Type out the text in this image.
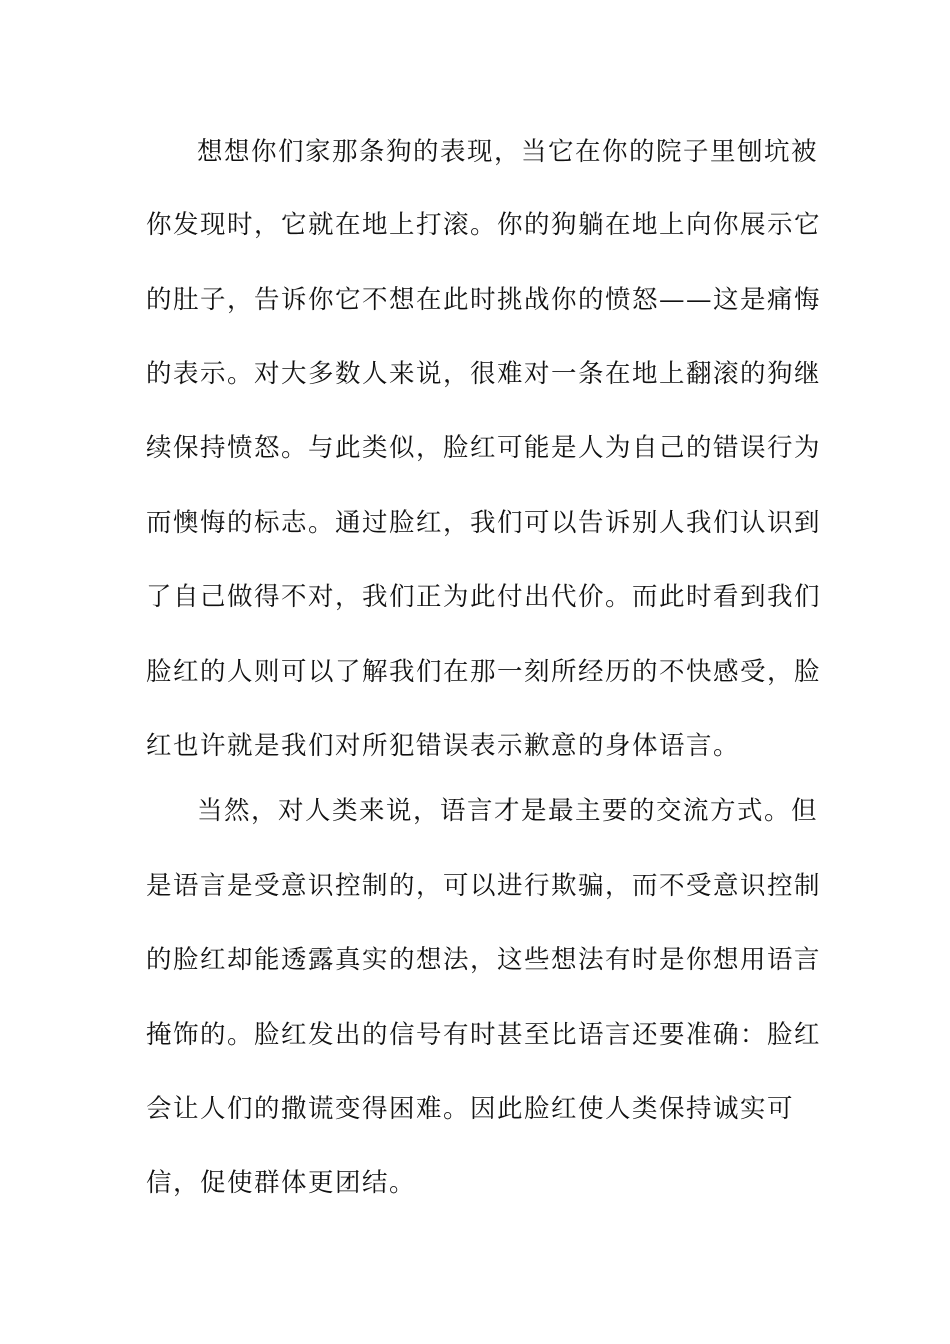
想想你们家那条狗的表现，当它在你的院子里刨坑被
你发现时，它就在地上打滚。你的狗躺在地上向你展示它
的肚子，告诉你它不想在此时挑战你的愤怒——这是痛悔
的表示。对大多数人来说，很难对一条在地上翻滚的狗继
续保持愤怒。与此类似，脸红可能是人为自己的错误行为
而懊悔的标志。通过脸红，我们可以告诉别人我们认识到
了自己做得不对，我们正为此付出代价。而此时看到我们
脸红的人则可以了解我们在那一刻所经历的不快感受，脸
红也许就是我们对所犯错误表示歉意的身体语言。
当然，对人类来说，语言才是最主要的交流方式。但
是语言是受意识控制的，可以进行欺骗，而不受意识控制
的脸红却能透露真实的想法，这些想法有时是你想用语言
掩饰的。脸红发出的信号有时甚至比语言还要准确：脸红
会让人们的撒谎变得困难。因此脸红使人类保持诚实可
信，促使群体更团结。
